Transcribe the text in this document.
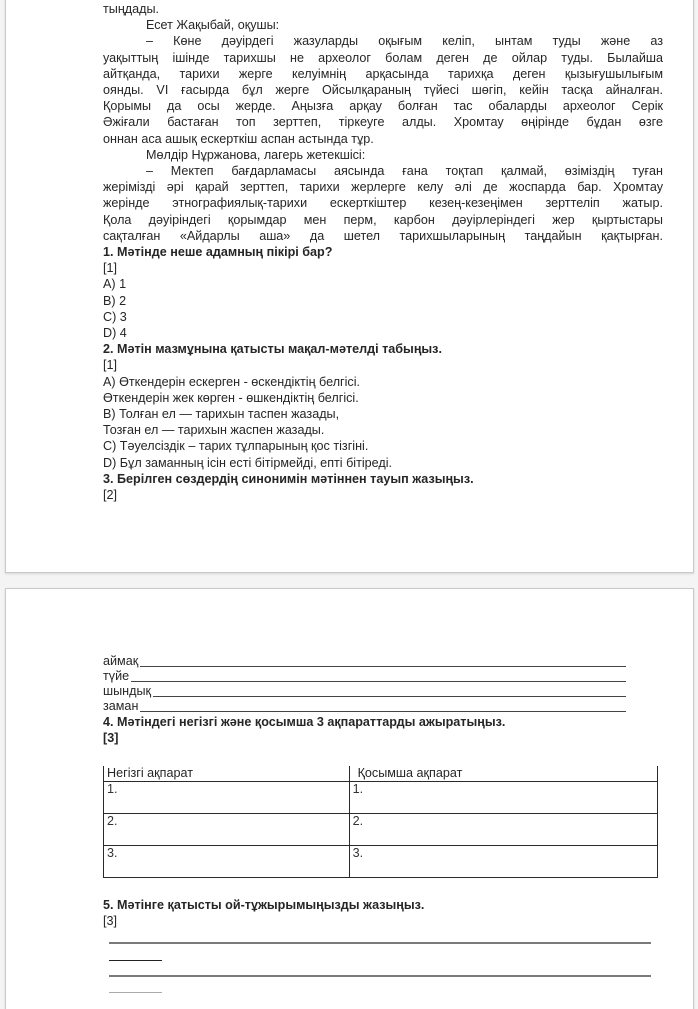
тыңдады.
Есет Жақыбай, оқушы:
– Көне дәуірдегі жазуларды оқығым келіп, ынтам туды және аз
уақыттың ішінде тарихшы не археолог болам деген де ойлар туды. Былайша
айтқанда, тарихи жерге келуімнің арқасында тарихқа деген қызығушылығым
оянды. VI ғасырда бұл жерге Ойсылқараның түйесі шөгіп, кейін тасқа айналған.
Қорымы да осы жерде. Аңызға арқау болған тас обаларды археолог Серік
Әжіғали бастаған топ зерттеп, тіркеуге алды. Хромтау өңірінде бұдан өзге
оннан аса ашық ескерткіш аспан астында тұр.
Мөлдір Нұржанова, лагерь жетекшісі:
– Мектеп бағдарламасы аясында ғана тоқтап қалмай, өзіміздің туған
жерімізді әрі қарай зерттеп, тарихи жерлерге келу әлі де жоспарда бар. Хромтау
жерінде этнографиялық-тарихи ескерткіштер кезең-кезеңімен зерттеліп жатыр.
Қола дәуіріндегі қорымдар мен перм, карбон дәуірлеріндегі жер қыртыстары
сақталған «Айдарлы аша» да шетел тарихшыларының таңдайын қақтырған.
1. Мәтінде неше адамның пікірі бар?
[1]
A) 1
B) 2
C) 3
D) 4
2. Мәтін мазмұнына қатысты мақал-мәтелді табыңыз.
[1]
A) Өткендерін ескерген - өскендіктің белгісі.
Өткендерін жек көрген - өшкендіктің белгісі.
B) Толған ел — тарихын таспен жазады,
Тозған ел — тарихын жаспен жазады.
C) Тәуелсіздік – тарих тұлпарының қос тізгіні.
D) Бұл заманның ісін есті бітірмейді, епті бітіреді.
3. Берілген сөздердің синонимін мәтіннен тауып жазыңыз.
[2]
аймақ
түйе
шындық
заман
4. Мәтіндегі негізгі және қосымша 3 ақпараттарды ажыратыңыз.
[3]
Негізгі ақпарат	Қосымша ақпарат
1.	1.
2.	2.
3.	3.
5. Мәтінге қатысты ой-тұжырымыңызды жазыңыз.
[3]
